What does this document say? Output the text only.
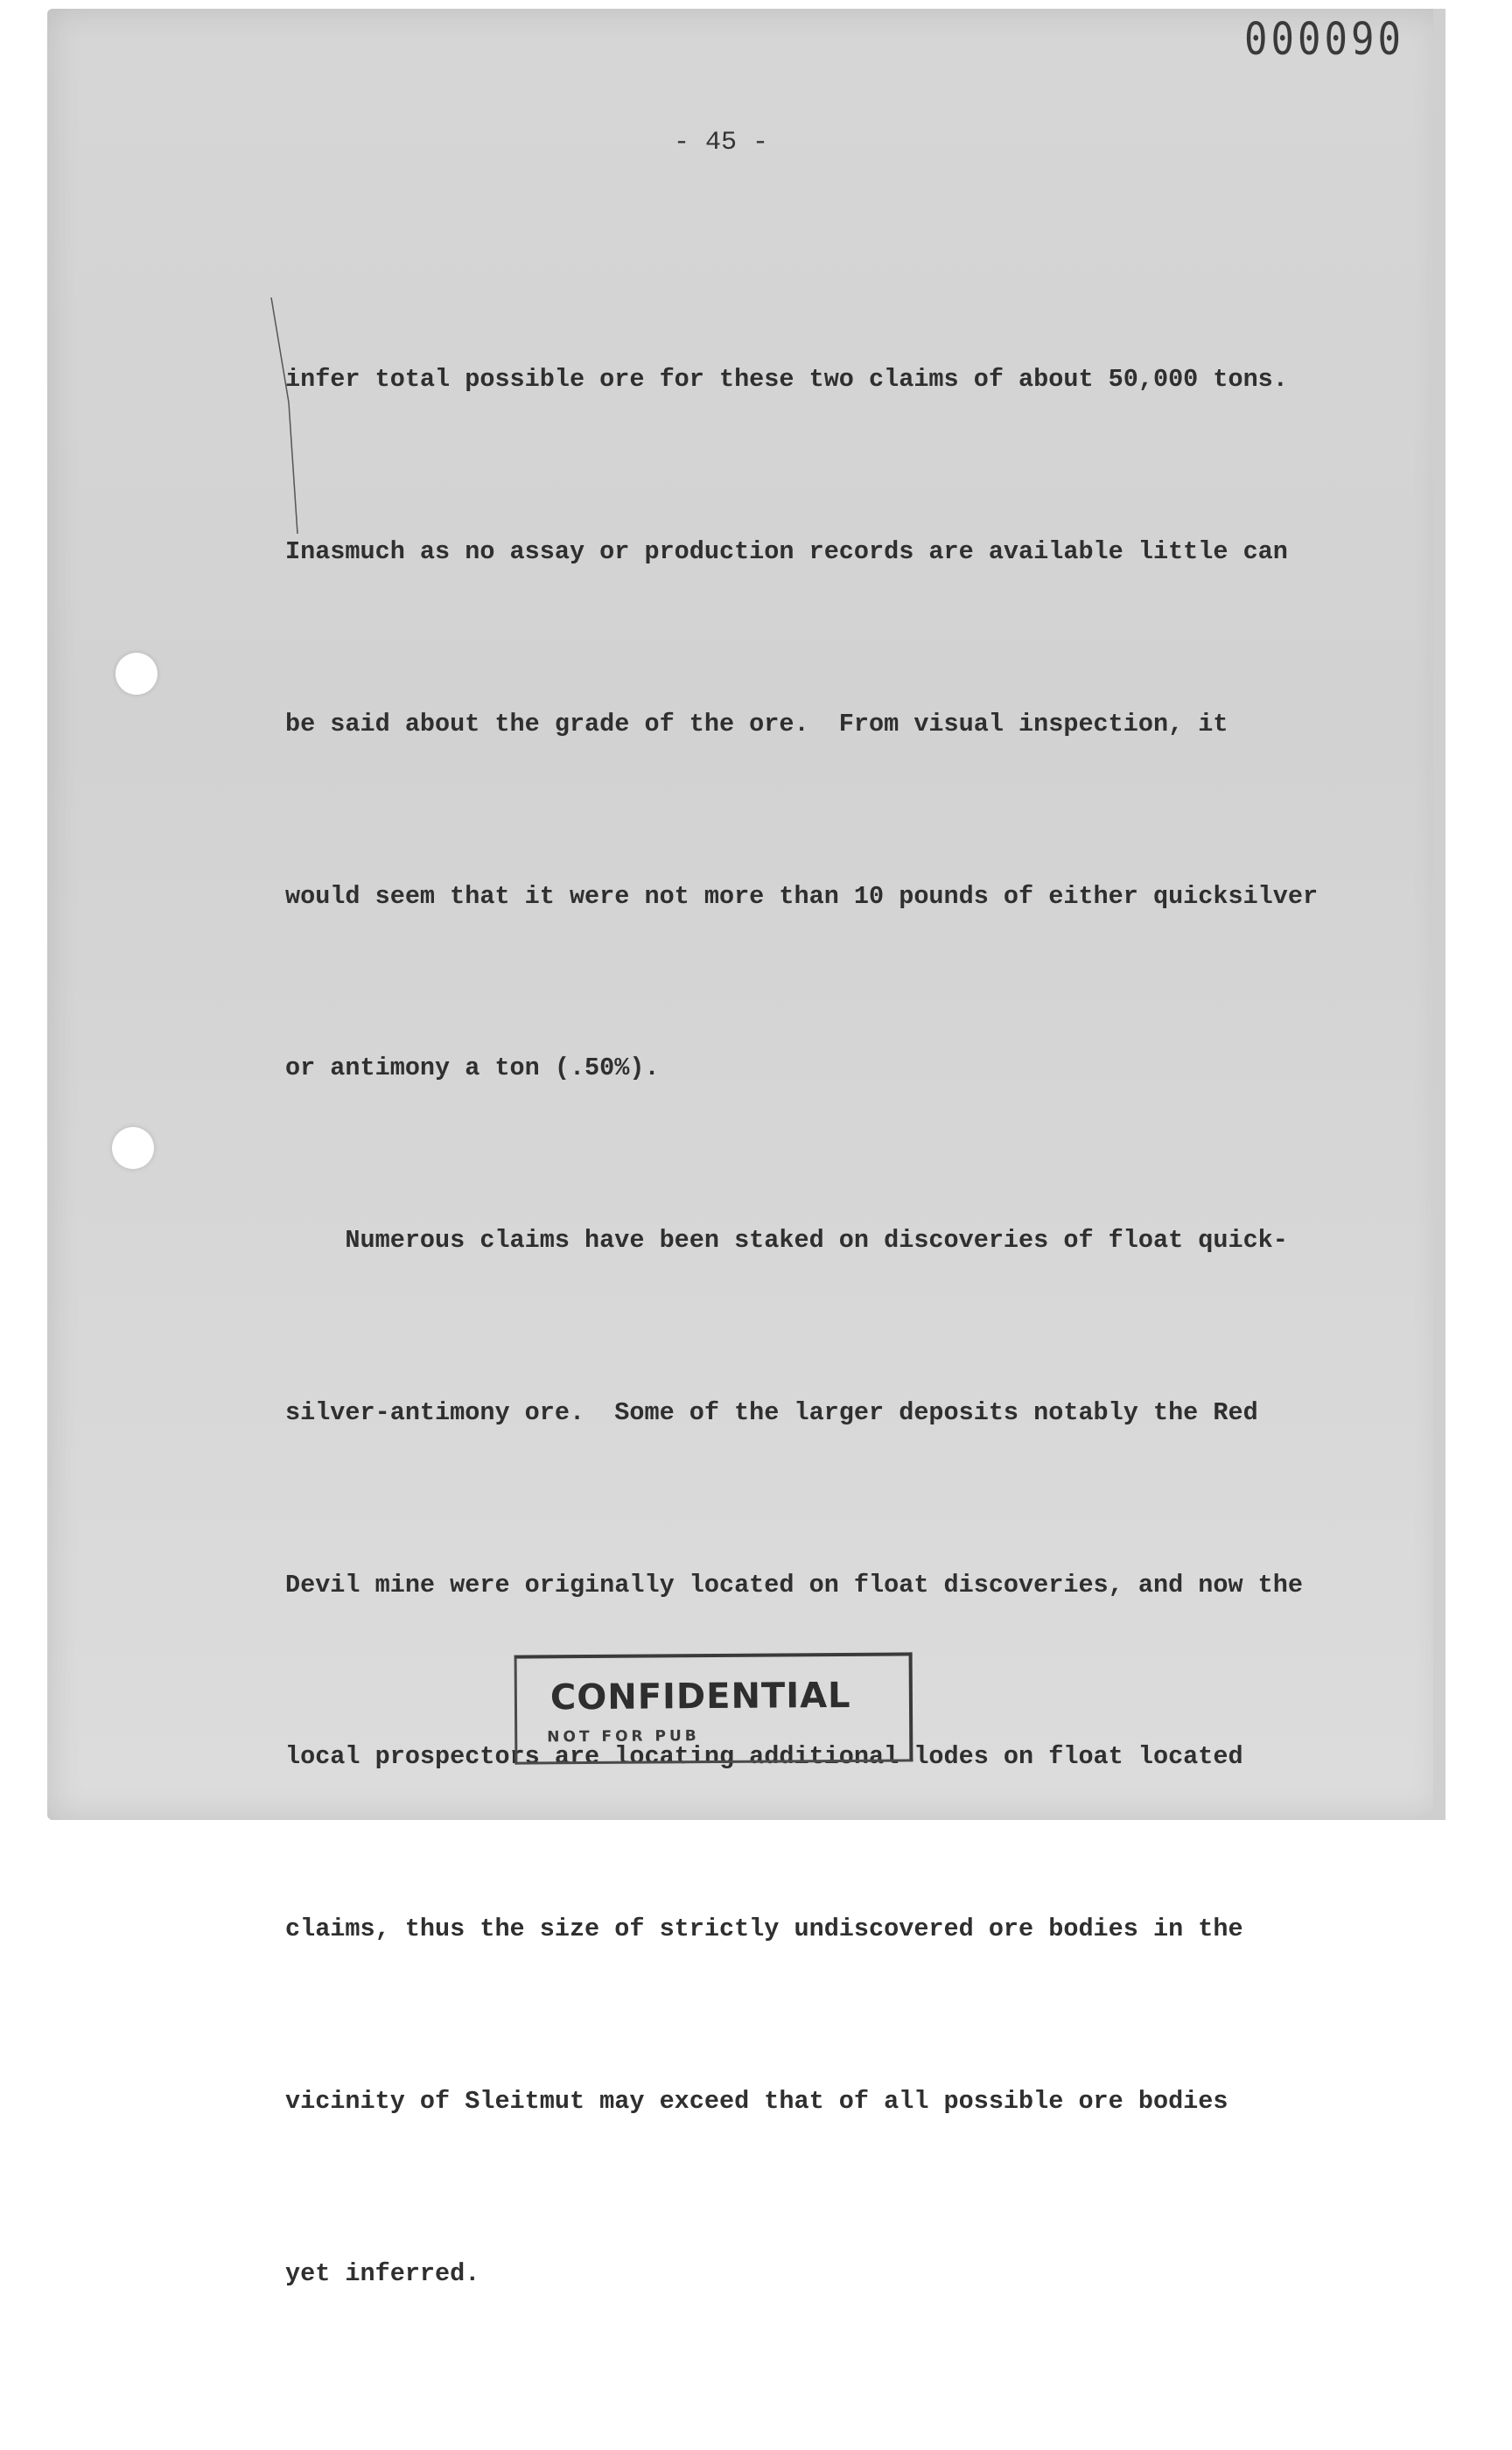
000090
- 45 -

infer total possible ore for these two claims of about 50,000 tons.

Inasmuch as no assay or production records are available little can

be said about the grade of the ore.  From visual inspection, it

would seem that it were not more than 10 pounds of either quicksilver

or antimony a ton (.50%).

Numerous claims have been staked on discoveries of float quick-

silver-antimony ore.  Some of the larger deposits notably the Red

Devil mine were originally located on float discoveries, and now the

local prospectors are locating additional lodes on float located

claims, thus the size of strictly undiscovered ore bodies in the

vicinity of Sleitmut may exceed that of all possible ore bodies

yet inferred.

CONFIDENTIAL
NOT FOR PUB
